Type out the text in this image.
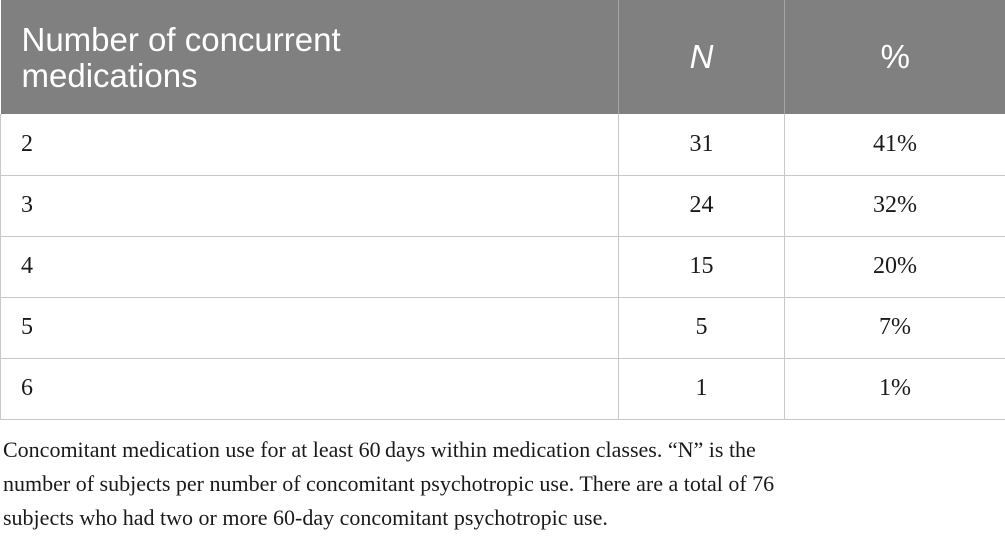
Number of concurrent medications	N	%
2	31	41%
3	24	32%
4	15	20%
5	5	7%
6	1	1%

Concomitant medication use for at least 60 days within medication classes. “N” is the
number of subjects per number of concomitant psychotropic use. There are a total of 76
subjects who had two or more 60-day concomitant psychotropic use.
